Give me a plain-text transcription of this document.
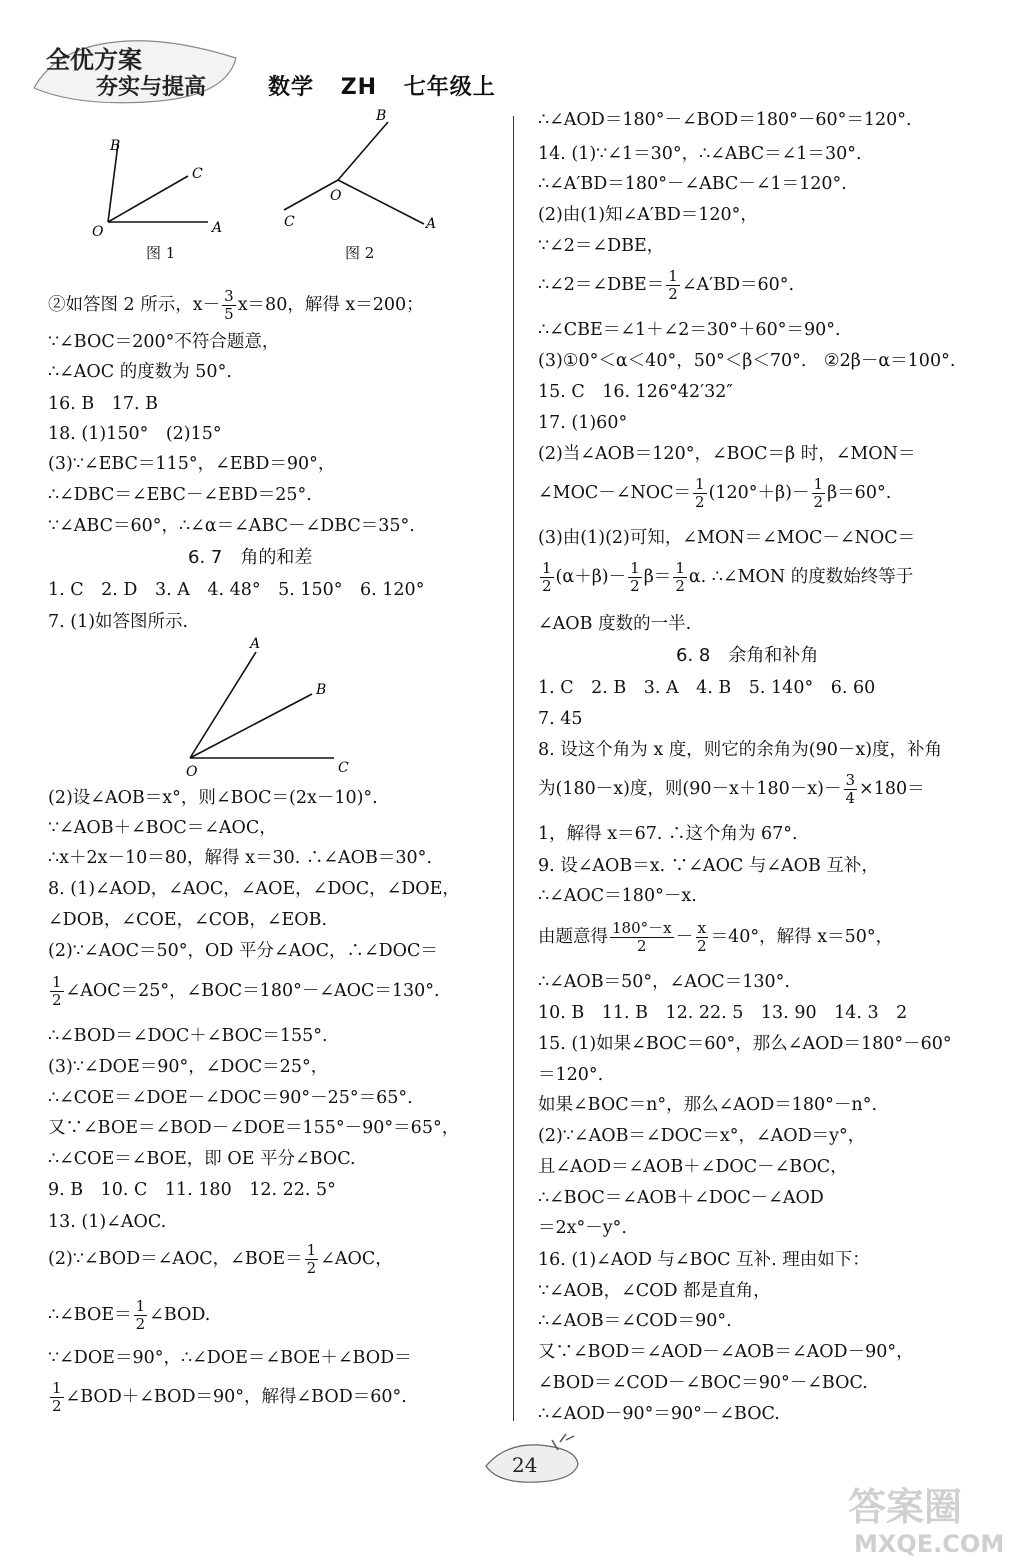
全优方案
夯实与提高	数学 ZH 七年级上
B
C
O	A
B
O
C	A
图 1	图 2
②如答图 2 所示，$x- \frac{3}{5} x=80$，解得 x＝200；
∵∠BOC＝200°不符合题意，
∴∠AOC 的度数为 50°.
16. B　17. B
18. (1)150°　(2)15°
(3)∵∠EBC＝115°，∠EBD＝90°，
∴∠DBC＝∠EBC－∠EBD＝25°.
∵∠ABC＝60°，∴∠α＝∠ABC－∠DBC＝35°.
6. 7　角的和差
1. C　2. D　3. A　4. 48°　5. 150°　6. 120°
7. (1)如答图所示.
A
B
O	C
(2)设∠AOB＝x°，则∠BOC＝(2x－10)°.
∵∠AOB＋∠BOC＝∠AOC，
∴x＋2x－10＝80，解得 x＝30. ∴∠AOB＝30°.
8. (1)∠AOD，∠AOC，∠AOE，∠DOC，∠DOE，
∠DOB，∠COE，∠COB，∠EOB.
(2)∵∠AOC＝50°，OD 平分∠AOC，∴∠DOC＝
$\frac{1}{2}$ ∠AOC＝25°，∠BOC＝180°－∠AOC＝130°.
∴∠BOD＝∠DOC＋∠BOC＝155°.
(3)∵∠DOE＝90°，∠DOC＝25°，
∴∠COE＝∠DOE－∠DOC＝90°－25°＝65°.
又∵∠BOE＝∠BOD－∠DOE＝155°－90°＝65°，
∴∠COE＝∠BOE，即 OE 平分∠BOC.
9. B　10. C　11. 180　12. 22. 5°
13. (1)∠AOC.
(2)∵∠BOD＝∠AOC，∠BOE＝ $\frac{1}{2}$ ∠AOC，
∴∠BOE＝ $\frac{1}{2}$ ∠BOD.
∵∠DOE＝90°，∴∠DOE＝∠BOE＋∠BOD＝
$\frac{1}{2}$ ∠BOD＋∠BOD＝90°，解得∠BOD＝60°.
∴∠AOD＝180°－∠BOD＝180°－60°＝120°.
14. (1)∵∠1＝30°，∴∠ABC＝∠1＝30°.
∴∠A′BD＝180°－∠ABC－∠1＝120°.
(2)由(1)知∠A′BD＝120°，
∵∠2＝∠DBE，
∴∠2＝∠DBE＝ $\frac{1}{2}$ ∠A′BD＝60°.
∴∠CBE＝∠1＋∠2＝30°＋60°＝90°.
(3)①0°＜α＜40°，50°＜β＜70°.　②2β－α＝100°.
15. C　16. 126°42′32″
17. (1)60°
(2)当∠AOB＝120°，∠BOC＝β 时，∠MON＝
∠MOC－∠NOC＝ $\frac{1}{2} (120^\circ+\beta)- \frac{1}{2} \beta=60^\circ$.
(3)由(1)(2)可知，∠MON＝∠MOC－∠NOC＝
$\frac{1}{2} (\alpha+\beta)- \frac{1}{2} \beta= \frac{1}{2} \alpha$. ∴∠MON 的度数始终等于
∠AOB 度数的一半.
6. 8　余角和补角
1. C　2. B　3. A　4. B　5. 140°　6. 60
7. 45
8. 设这个角为 x 度，则它的余角为(90－x)度，补角
为(180－x)度，则$(90-x+180-x)- \frac{3}{4} \times 180=$
1，解得 x＝67. ∴这个角为 67°.
9. 设∠AOB＝x. ∵∠AOC 与∠AOB 互补，
∴∠AOC＝180°－x.
由题意得 $\frac{180^\circ-x}{2} - \frac{x}{2} =40^\circ$，解得 x＝50°，
∴∠AOB＝50°，∠AOC＝130°.
10. B　11. B　12. 22. 5　13. 90　14. 3　2
15. (1)如果∠BOC＝60°，那么∠AOD＝180°－60°
＝120°.
如果∠BOC＝n°，那么∠AOD＝180°－n°.
(2)∵∠AOB＝∠DOC＝x°，∠AOD＝y°，
且∠AOD＝∠AOB＋∠DOC－∠BOC，
∴∠BOC＝∠AOB＋∠DOC－∠AOD
＝2x°－y°.
16. (1)∠AOD 与∠BOC 互补. 理由如下：
∵∠AOB，∠COD 都是直角，
∴∠AOB＝∠COD＝90°.
又∵∠BOD＝∠AOD－∠AOB＝∠AOD－90°，
∠BOD＝∠COD－∠BOC＝90°－∠BOC.
∴∠AOD－90°＝90°－∠BOC.
24
答案圈
MXQE.COM
